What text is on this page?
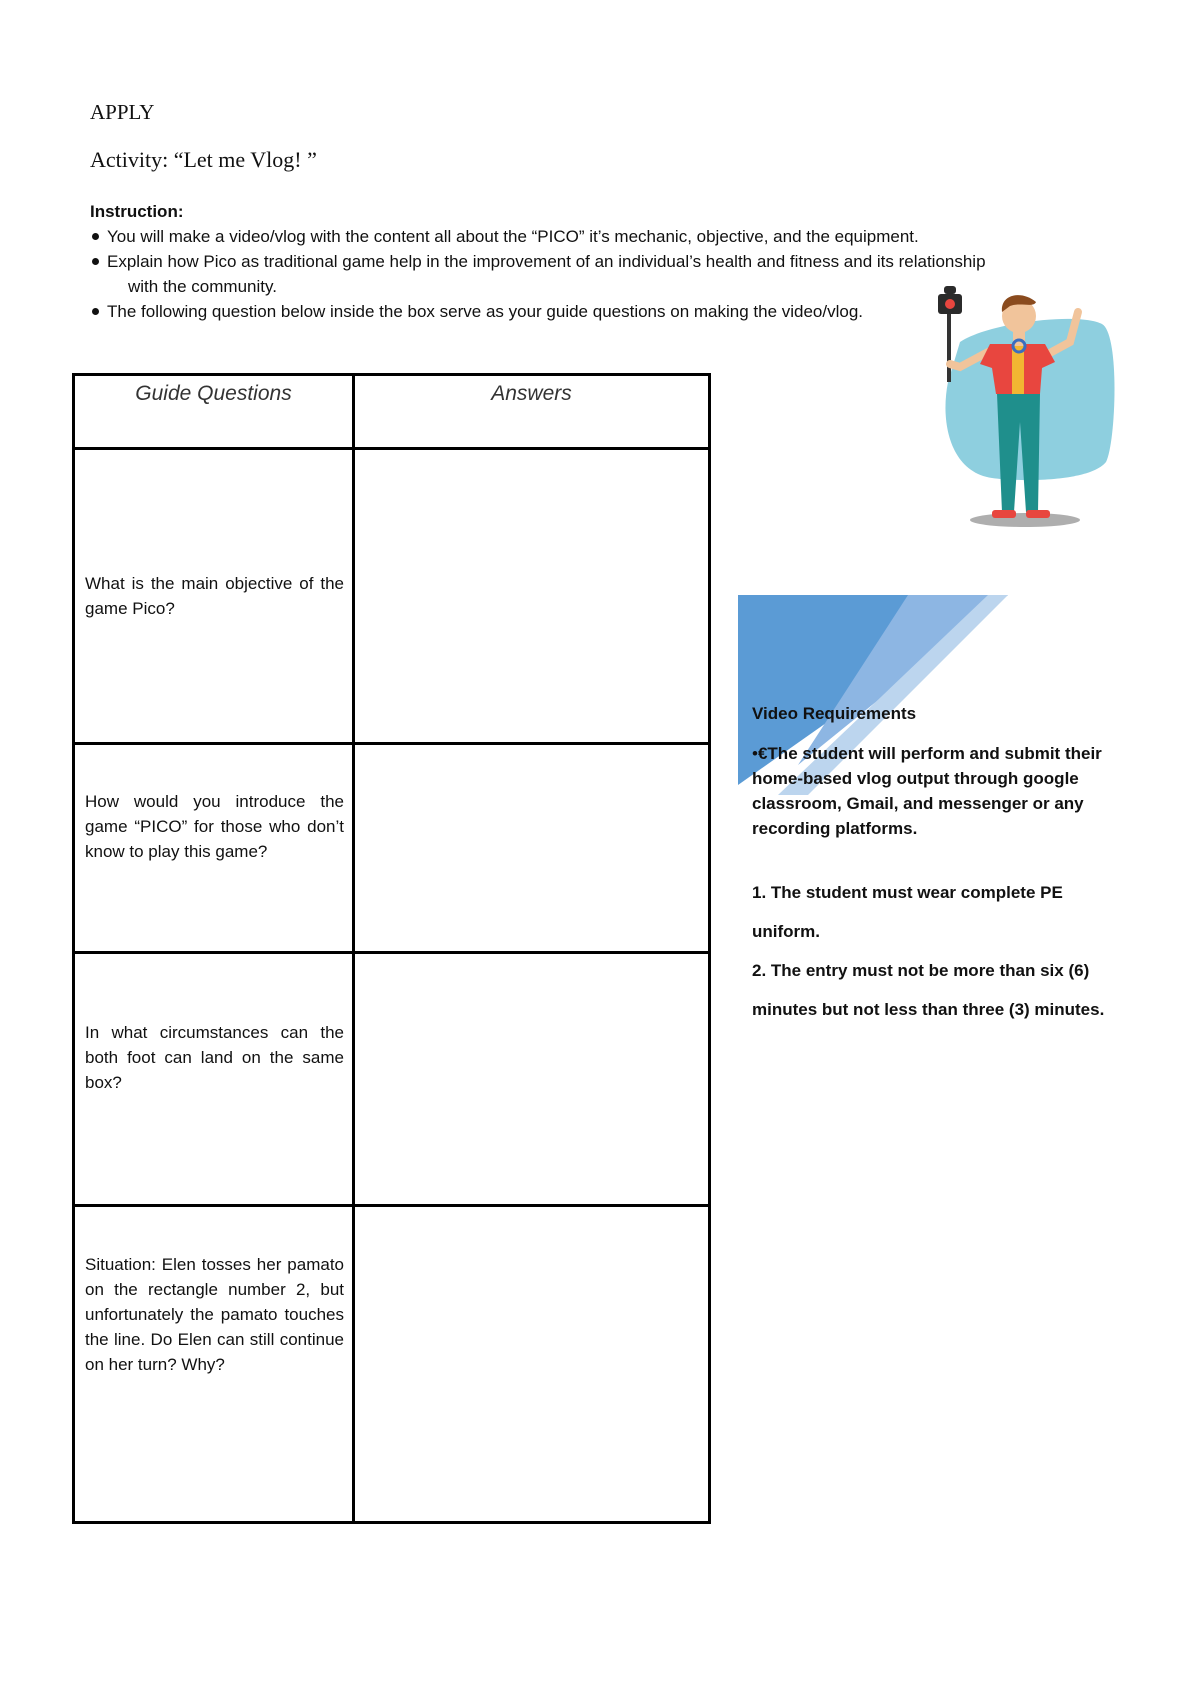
APPLY
Activity: “Let me Vlog! ”
Instruction:
You will make a video/vlog with the content all about the “PICO” it’s mechanic, objective, and the equipment.
Explain how Pico as traditional game help in the improvement of an individual’s health and fitness and its relationship
with the community.
The following question below inside the box serve as your guide questions on making the video/vlog.
Guide Questions	Answers

What is the main objective of the game Pico?	

How would you introduce the game “PICO” for those who don’t know to play this game?	

In what circumstances can the both foot can land on the same box?	

Situation: Elen tosses her pamato on the rectangle number 2, but unfortunately the pamato touches the line. Do Elen can still continue on her turn? Why?	

Video Requirements
•€The student will perform and submit their home-based vlog output through google classroom, Gmail, and messenger or any recording platforms.
1. The student must wear complete PE uniform.
2. The entry must not be more than six (6) minutes but not less than three (3) minutes.
